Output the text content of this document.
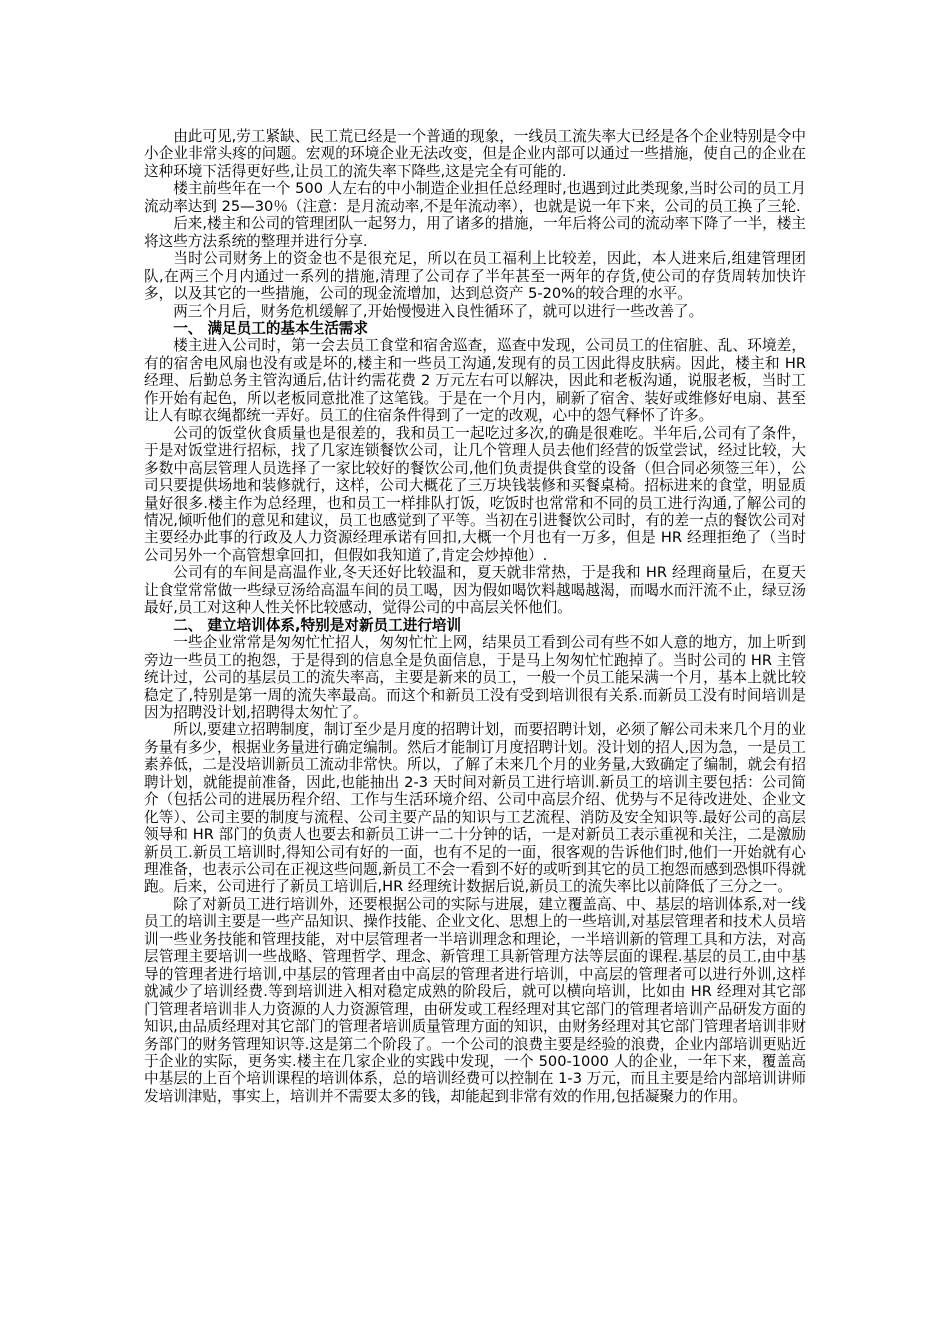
由此可见,劳工紧缺、民工荒已经是一个普通的现象，一线员工流失率大已经是各个企业特别是令中小企业非常头疼的问题。宏观的环境企业无法改变，但是企业内部可以通过一些措施，使自己的企业在这种环境下活得更好些,让员工的流失率下降些,这是完全有可能的.

楼主前些年在一个 500 人左右的中小制造企业担任总经理时,也遇到过此类现象,当时公司的员工月流动率达到 25—30％（注意：是月流动率,不是年流动率），也就是说一年下来，公司的员工换了三轮.

后来,楼主和公司的管理团队一起努力，用了诸多的措施，一年后将公司的流动率下降了一半，楼主将这些方法系统的整理并进行分享.

当时公司财务上的资金也不是很充足，所以在员工福利上比较差，因此，本人进来后,组建管理团队,在两三个月内通过一系列的措施,清理了公司存了半年甚至一两年的存货,使公司的存货周转加快许多，以及其它的一些措施，公司的现金流增加，达到总资产 5-20%的较合理的水平。

两三个月后，财务危机缓解了,开始慢慢进入良性循环了，就可以进行一些改善了。

一、 满足员工的基本生活需求

楼主进入公司时，第一会去员工食堂和宿舍巡查，巡查中发现，公司员工的住宿脏、乱、环境差，有的宿舍电风扇也没有或是坏的,楼主和一些员工沟通,发现有的员工因此得皮肤病。因此，楼主和 HR 经理、后勤总务主管沟通后,估计约需花费 2 万元左右可以解决，因此和老板沟通，说服老板，当时工作开始有起色，所以老板同意批准了这笔钱。于是在一个月内，刷新了宿舍、装好或维修好电扇、甚至让人有晾衣绳都统一弄好。员工的住宿条件得到了一定的改观，心中的怨气释怀了许多。

公司的饭堂伙食质量也是很差的，我和员工一起吃过多次,的确是很难吃。半年后,公司有了条件，于是对饭堂进行招标，找了几家连锁餐饮公司，让几个管理人员去他们经营的饭堂尝试，经过比较，大多数中高层管理人员选择了一家比较好的餐饮公司,他们负责提供食堂的设备（但合同必须签三年），公司只要提供场地和装修就行，这样，公司大概花了三万块钱装修和买餐桌椅。招标进来的食堂，明显质量好很多.楼主作为总经理，也和员工一样排队打饭，吃饭时也常常和不同的员工进行沟通,了解公司的情况,倾听他们的意见和建议，员工也感觉到了平等。当初在引进餐饮公司时，有的差一点的餐饮公司对主要经办此事的行政及人力资源经理承诺有回扣,大概一个月也有一万多，但是 HR 经理拒绝了（当时公司另外一个高管想拿回扣，但假如我知道了,肯定会炒掉他）.

公司有的车间是高温作业,冬天还好比较温和，夏天就非常热，于是我和 HR 经理商量后，在夏天让食堂常常做一些绿豆汤给高温车间的员工喝，因为假如喝饮料越喝越渴，而喝水而汗流不止，绿豆汤最好,员工对这种人性关怀比较感动，觉得公司的中高层关怀他们。

二、 建立培训体系,特别是对新员工进行培训

一些企业常常是匆匆忙忙招人，匆匆忙忙上网，结果员工看到公司有些不如人意的地方，加上听到旁边一些员工的抱怨，于是得到的信息全是负面信息，于是马上匆匆忙忙跑掉了。当时公司的 HR 主管统计过，公司的基层员工的流失率高，主要是新来的员工，一般一个员工能呆满一个月，基本上就比较稳定了,特别是第一周的流失率最高。而这个和新员工没有受到培训很有关系.而新员工没有时间培训是因为招聘没计划,招聘得太匆忙了。

所以,要建立招聘制度，制订至少是月度的招聘计划，而要招聘计划，必须了解公司未来几个月的业务量有多少，根据业务量进行确定编制。然后才能制订月度招聘计划。没计划的招人,因为急，一是员工素养低，二是没培训新员工流动非常快。所以，了解了未来几个月的业务量,大致确定了编制，就会有招聘计划，就能提前准备，因此,也能抽出 2-3 天时间对新员工进行培训.新员工的培训主要包括：公司简介（包括公司的进展历程介绍、工作与生活环境介绍、公司中高层介绍、优势与不足待改进处、企业文化等）、公司主要的制度与流程、公司主要产品的知识与工艺流程、消防及安全知识等.最好公司的高层领导和 HR 部门的负责人也要去和新员工讲一二十分钟的话，一是对新员工表示重视和关注，二是激励新员工.新员工培训时,得知公司有好的一面，也有不足的一面，很客观的告诉他们时,他们一开始就有心理准备，也表示公司在正视这些问题,新员工不会一看到不好的或听到其它的员工抱怨而感到恐惧吓得就跑。后来，公司进行了新员工培训后,HR 经理统计数据后说,新员工的流失率比以前降低了三分之一。

除了对新员工进行培训外，还要根据公司的实际与进展，建立覆盖高、中、基层的培训体系,对一线员工的培训主要是一些产品知识、操作技能、企业文化、思想上的一些培训,对基层管理者和技术人员培训一些业务技能和管理技能，对中层管理者一半培训理念和理论，一半培训新的管理工具和方法，对高层管理主要培训一些战略、管理哲学、理念、新管理工具新管理方法等层面的课程.基层的员工,由中基导的管理者进行培训,中基层的管理者由中高层的管理者进行培训，中高层的管理者可以进行外训,这样就减少了培训经费.等到培训进入相对稳定成熟的阶段后，就可以横向培训，比如由 HR 经理对其它部门管理者培训非人力资源的人力资源管理，由研发或工程经理对其它部门的管理者培训产品研发方面的知识,由品质经理对其它部门的管理者培训质量管理方面的知识，由财务经理对其它部门管理者培训非财务部门的财务管理知识等.这是第二个阶段了。一个公司的浪费主要是经验的浪费，企业内部培训更贴近于企业的实际，更务实.楼主在几家企业的实践中发现，一个 500-1000 人的企业，一年下来，覆盖高中基层的上百个培训课程的培训体系，总的培训经费可以控制在 1-3 万元，而且主要是给内部培训讲师发培训津贴，事实上，培训并不需要太多的钱，却能起到非常有效的作用,包括凝聚力的作用。
